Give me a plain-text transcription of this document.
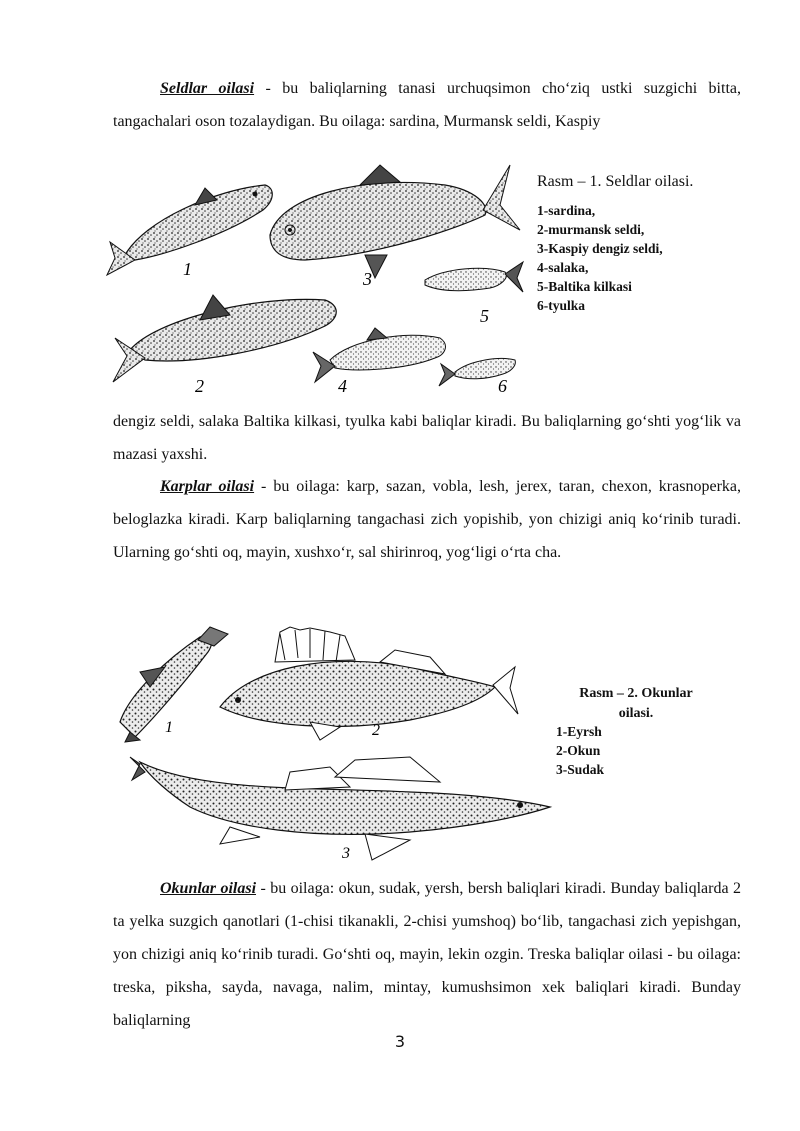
Seldlar oilasi - bu baliqlarning tanasi urchuqsimon cho‘ziq ustki suzgichi bitta, tangachalari oson tozalaydigan. Bu oilaga: sardina, Murmansk seldi, Kaspiy

1
2
3
4
5
6
Rasm – 1. Seldlar oilasi.
1-sardina,
2-murmansk seldi,
3-Kaspiy dengiz seldi,
4-salaka,
5-Baltika kilkasi
6-tyulka

dengiz seldi, salaka Baltika kilkasi, tyulka kabi baliqlar kiradi. Bu baliqlarning go‘shti yog‘lik va mazasi yaxshi.

Karplar oilasi - bu oilaga: karp, sazan, vobla, lesh, jerex, taran, chexon, krasnoperka, beloglazka kiradi. Karp baliqlarning tangachasi zich yopishib, yon chizigi aniq ko‘rinib turadi. Ularning go‘shti oq, mayin, xushxo‘r, sal shirinroq, yog‘ligi o‘rta cha.

1	2
3
Rasm – 2. Okunlar oilasi.
1-Eyrsh
2-Okun
3-Sudak

Okunlar oilasi - bu oilaga: okun, sudak, yersh, bersh baliqlari kiradi. Bunday baliqlarda 2 ta yelka suzgich qanotlari (1-chisi tikanakli, 2-chisi yumshoq) bo‘lib, tangachasi zich yepishgan, yon chizigi aniq ko‘rinib turadi. Go‘shti oq, mayin, lekin ozgin. Treska baliqlar oilasi - bu oilaga: treska, piksha, sayda, navaga, nalim, mintay, kumushsimon xek baliqlari kiradi. Bunday baliqlarning

3
